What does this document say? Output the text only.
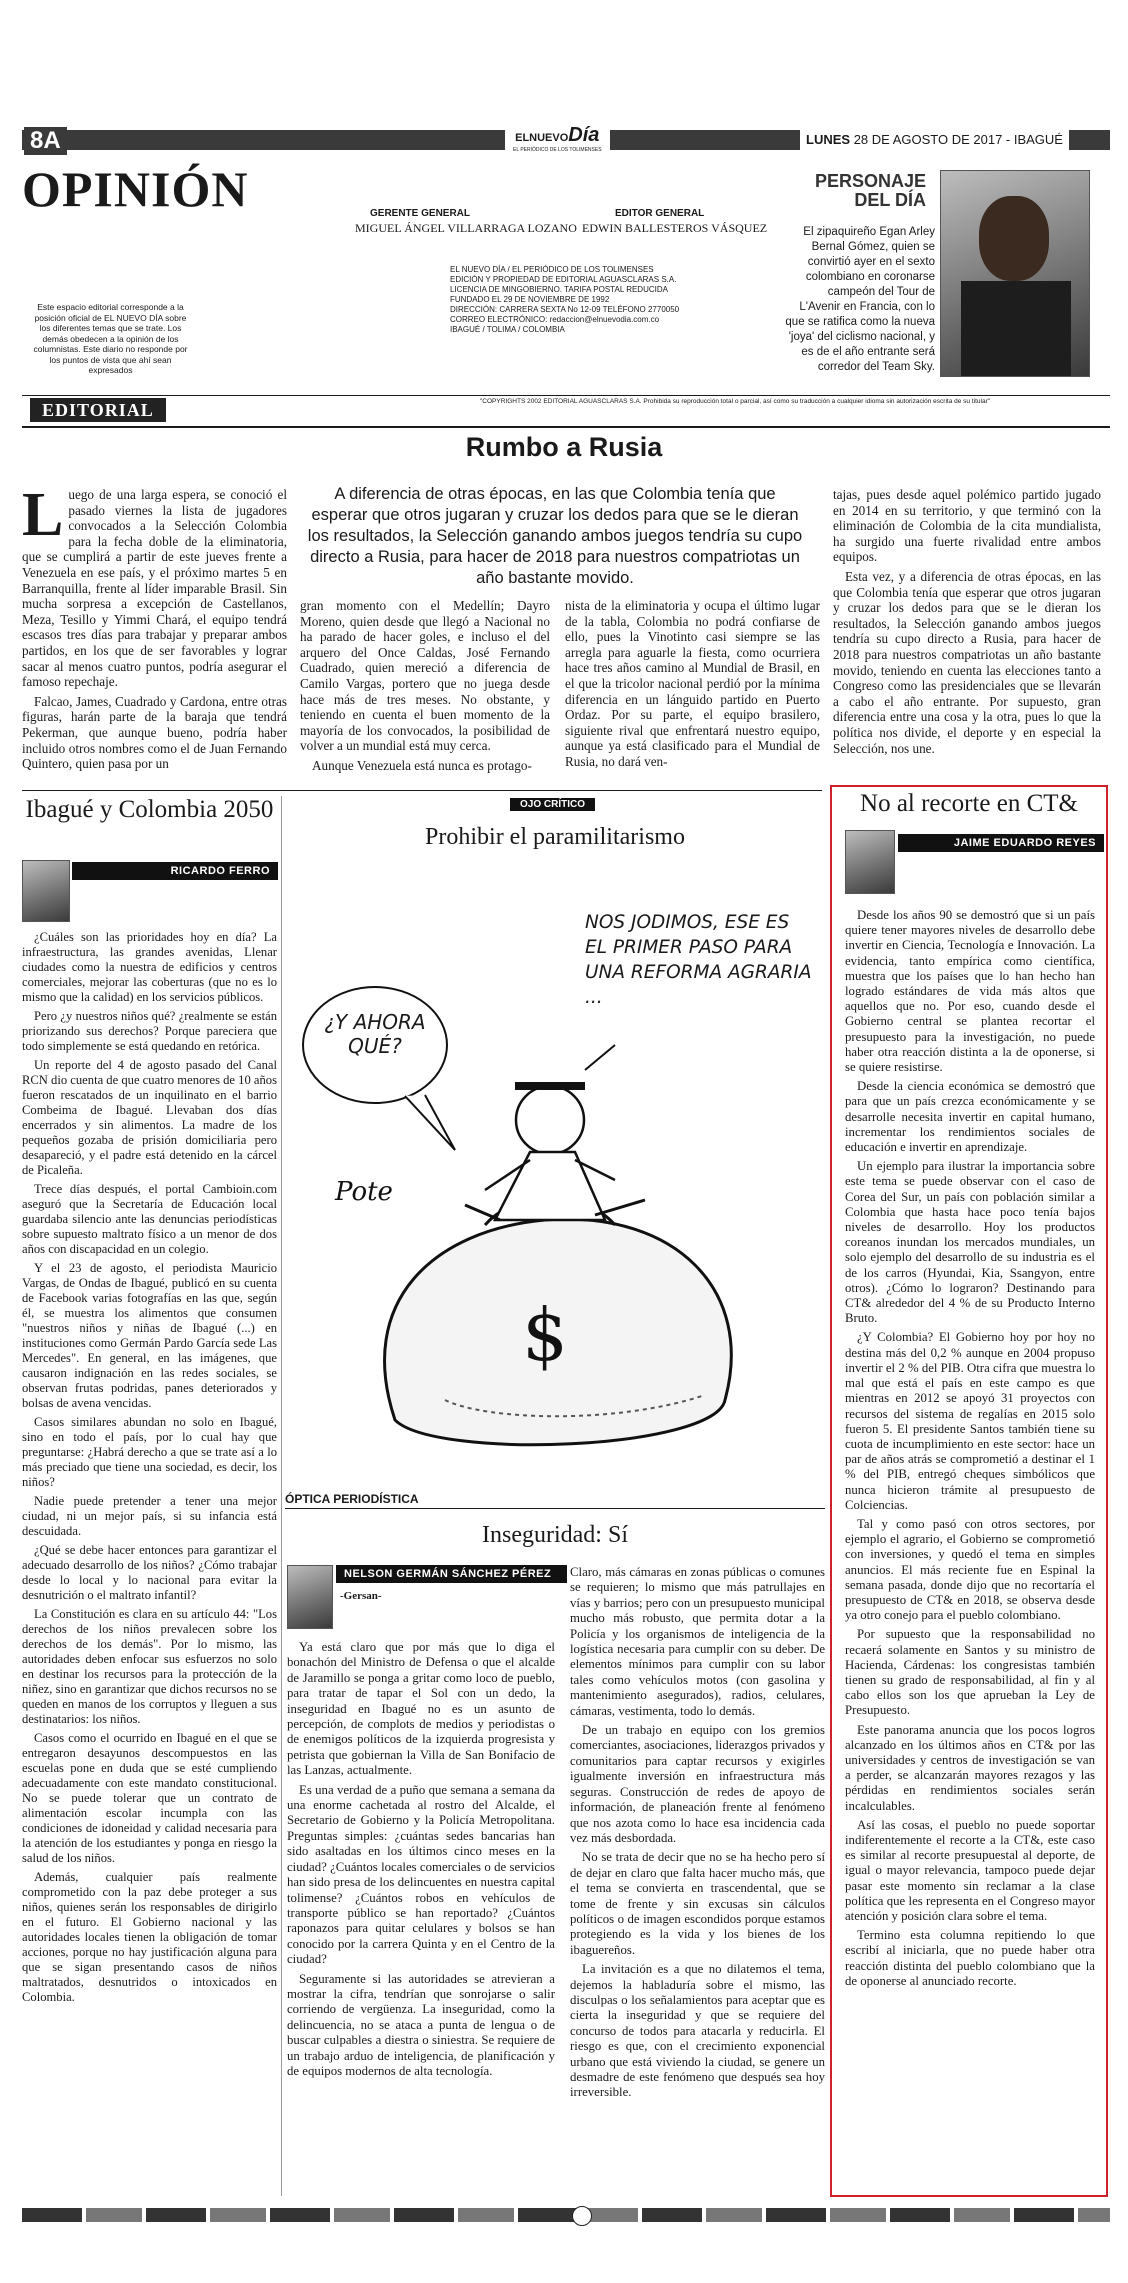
8A	ELNUEVODía
EL PERIÓDICO DE LOS TOLIMENSES
LUNES 28 DE AGOSTO DE 2017 - IBAGUÉ
OPINIÓN	GERENTE GENERAL
MIGUEL ÁNGEL VILLARRAGA LOZANO
EDITOR GENERAL
EDWIN BALLESTEROS VÁSQUEZ
EL NUEVO DÍA / EL PERIÓDICO DE LOS TOLIMENSES
EDICIÓN Y PROPIEDAD DE EDITORIAL AGUASCLARAS S.A.
LICENCIA DE MINGOBIERNO. TARIFA POSTAL REDUCIDA
FUNDADO EL 29 DE NOVIEMBRE DE 1992
DIRECCIÓN: CARRERA SEXTA No 12-09 TELÉFONO 2770050
CORREO ELECTRÓNICO: redaccion@elnuevodia.com.co
IBAGUÉ / TOLIMA / COLOMBIA
Este espacio editorial corresponde a la posición oficial de EL NUEVO DÍA sobre los diferentes temas que se trate. Los demás obedecen a la opinión de los columnistas. Este diario no responde por los puntos de vista que ahí sean expresados
PERSONAJE
DEL DÍA
El zipaquireño Egan Arley Bernal Gómez, quien se convirtió ayer en el sexto colombiano en coronarse campeón del Tour de L'Avenir en Francia, con lo que se ratifica como la nueva 'joya' del ciclismo nacional, y es de el año entrante será corredor del Team Sky.
"COPYRIGHTS 2002 EDITORIAL AGUASCLARAS S.A. Prohibida su reproducción total o parcial, así como su traducción a cualquier idioma sin autorización escrita de su titular"
EDITORIAL
Rumbo a Rusia
A diferencia de otras épocas, en las que Colombia tenía que esperar que otros jugaran y cruzar los dedos para que se le dieran los resultados, la Selección ganando ambos juegos tendría su cupo directo a Rusia, para hacer de 2018 para nuestros compatriotas un año bastante movido.
L uego de una larga espera, se conoció el pasado viernes la lista de jugadores convocados a la Selección Colombia para la fecha doble de la eliminatoria, que se cumplirá a partir de este jueves frente a Venezuela en ese país, y el próximo martes 5 en Barranquilla, frente al líder imparable Brasil. Sin mucha sorpresa a excepción de Castellanos, Meza, Tesillo y Yimmi Chará, el equipo tendrá escasos tres días para trabajar y preparar ambos partidos, en los que de ser favorables y lograr sacar al menos cuatro puntos, podría asegurar el famoso repechaje.

Falcao, James, Cuadrado y Cardona, entre otras figuras, harán parte de la baraja que tendrá Pekerman, que aunque bueno, podría haber incluido otros nombres como el de Juan Fernando Quintero, quien pasa por un

gran momento con el Medellín; Dayro Moreno, quien desde que llegó a Nacional no ha parado de hacer goles, e incluso el del arquero del Once Caldas, José Fernando Cuadrado, quien mereció a diferencia de Camilo Vargas, portero que no juega desde hace más de tres meses. No obstante, y teniendo en cuenta el buen momento de la mayoría de los convocados, la posibilidad de volver a un mundial está muy cerca.

Aunque Venezuela está nunca es protago-

nista de la eliminatoria y ocupa el último lugar de la tabla, Colombia no podrá confiarse de ello, pues la Vinotinto casi siempre se las arregla para aguarle la fiesta, como ocurriera hace tres años camino al Mundial de Brasil, en el que la tricolor nacional perdió por la mínima diferencia en un lánguido partido en Puerto Ordaz. Por su parte, el equipo brasilero, siguiente rival que enfrentará nuestro equipo, aunque ya está clasificado para el Mundial de Rusia, no dará ven-

tajas, pues desde aquel polémico partido jugado en 2014 en su territorio, y que terminó con la eliminación de Colombia de la cita mundialista, ha surgido una fuerte rivalidad entre ambos equipos.

Esta vez, y a diferencia de otras épocas, en las que Colombia tenía que esperar que otros jugaran y cruzar los dedos para que se le dieran los resultados, la Selección ganando ambos juegos tendría su cupo directo a Rusia, para hacer de 2018 para nuestros compatriotas un año bastante movido, teniendo en cuenta las elecciones tanto a Congreso como las presidenciales que se llevarán a cabo el año entrante. Por supuesto, gran diferencia entre una cosa y la otra, pues lo que la política nos divide, el deporte y en especial la Selección, nos une.

Ibagué y Colombia 2050
RICARDO FERRO

¿Cuáles son las prioridades hoy en día? La infraestructura, las grandes avenidas, Llenar ciudades como la nuestra de edificios y centros comerciales, mejorar las coberturas (que no es lo mismo que la calidad) en los servicios públicos.

Pero ¿y nuestros niños qué? ¿realmente se están priorizando sus derechos? Porque pareciera que todo simplemente se está quedando en retórica.

Un reporte del 4 de agosto pasado del Canal RCN dio cuenta de que cuatro menores de 10 años fueron rescatados de un inquilinato en el barrio Combeima de Ibagué. Llevaban dos días encerrados y sin alimentos. La madre de los pequeños gozaba de prisión domiciliaria pero desapareció, y el padre está detenido en la cárcel de Picaleña.

Trece días después, el portal Cambioin.com aseguró que la Secretaría de Educación local guardaba silencio ante las denuncias periodísticas sobre supuesto maltrato físico a un menor de dos años con discapacidad en un colegio.

Y el 23 de agosto, el periodista Mauricio Vargas, de Ondas de Ibagué, publicó en su cuenta de Facebook varias fotografías en las que, según él, se muestra los alimentos que consumen "nuestros niños y niñas de Ibagué (...) en instituciones como Germán Pardo García sede Las Mercedes". En general, en las imágenes, que causaron indignación en las redes sociales, se observan frutas podridas, panes deteriorados y bolsas de avena vencidas.

Casos similares abundan no solo en Ibagué, sino en todo el país, por lo cual hay que preguntarse: ¿Habrá derecho a que se trate así a lo más preciado que tiene una sociedad, es decir, los niños?

Nadie puede pretender a tener una mejor ciudad, ni un mejor país, si su infancia está descuidada.

¿Qué se debe hacer entonces para garantizar el adecuado desarrollo de los niños? ¿Cómo trabajar desde lo local y lo nacional para evitar la desnutrición o el maltrato infantil?

La Constitución es clara en su artículo 44: "Los derechos de los niños prevalecen sobre los derechos de los demás". Por lo mismo, las autoridades deben enfocar sus esfuerzos no solo en destinar los recursos para la protección de la niñez, sino en garantizar que dichos recursos no se queden en manos de los corruptos y lleguen a sus destinatarios: los niños.

Casos como el ocurrido en Ibagué en el que se entregaron desayunos descompuestos en las escuelas pone en duda que se esté cumpliendo adecuadamente con este mandato constitucional. No se puede tolerar que un contrato de alimentación escolar incumpla con las condiciones de idoneidad y calidad necesaria para la atención de los estudiantes y ponga en riesgo la salud de los niños.

Además, cualquier país realmente comprometido con la paz debe proteger a sus niños, quienes serán los responsables de dirigirlo en el futuro. El Gobierno nacional y las autoridades locales tienen la obligación de tomar acciones, porque no hay justificación alguna para que se sigan presentando casos de niños maltratados, desnutridos o intoxicados en Colombia.

OJO CRÍTICO
Prohibir el paramilitarismo
¿Y AHORA QUÉ?
NOS JODIMOS, ESE ES EL PRIMER PASO PARA UNA REFORMA AGRARIA ...
$
Pote
ÓPTICA PERIODÍSTICA
Inseguridad: Sí
NELSON GERMÁN SÁNCHEZ PÉREZ
-Gersan-

Ya está claro que por más que lo diga el bonachón del Ministro de Defensa o que el alcalde de Jaramillo se ponga a gritar como loco de pueblo, para tratar de tapar el Sol con un dedo, la inseguridad en Ibagué no es un asunto de percepción, de complots de medios y periodistas o de enemigos políticos de la izquierda progresista y petrista que gobiernan la Villa de San Bonifacio de las Lanzas, actualmente.

Es una verdad de a puño que semana a semana da una enorme cachetada al rostro del Alcalde, el Secretario de Gobierno y la Policía Metropolitana. Preguntas simples: ¿cuántas sedes bancarias han sido asaltadas en los últimos cinco meses en la ciudad? ¿Cuántos locales comerciales o de servicios han sido presa de los delincuentes en nuestra capital tolimense? ¿Cuántos robos en vehículos de transporte público se han reportado? ¿Cuántos raponazos para quitar celulares y bolsos se han conocido por la carrera Quinta y en el Centro de la ciudad?

Seguramente si las autoridades se atrevieran a mostrar la cifra, tendrían que sonrojarse o salir corriendo de vergüenza. La inseguridad, como la delincuencia, no se ataca a punta de lengua o de buscar culpables a diestra o siniestra. Se requiere de un trabajo arduo de inteligencia, de planificación y de equipos modernos de alta tecnología.

Claro, más cámaras en zonas públicas o comunes se requieren; lo mismo que más patrullajes en vías y barrios; pero con un presupuesto municipal mucho más robusto, que permita dotar a la Policía y los organismos de inteligencia de la logística necesaria para cumplir con su deber. De elementos mínimos para cumplir con su labor tales como vehículos motos (con gasolina y mantenimiento asegurados), radios, celulares, cámaras, vestimenta, todo lo demás.

De un trabajo en equipo con los gremios comerciantes, asociaciones, liderazgos privados y comunitarios para captar recursos y exigirles igualmente inversión en infraestructura más seguras. Construcción de redes de apoyo de información, de planeación frente al fenómeno que nos azota como lo hace esa incidencia cada vez más desbordada.

No se trata de decir que no se ha hecho pero sí de dejar en claro que falta hacer mucho más, que el tema se convierta en trascendental, que se tome de frente y sin excusas sin cálculos políticos o de imagen escondidos porque estamos protegiendo es la vida y los bienes de los ibaguereños.

La invitación es a que no dilatemos el tema, dejemos la habladuría sobre el mismo, las disculpas o los señalamientos para aceptar que es cierta la inseguridad y que se requiere del concurso de todos para atacarla y reducirla. El riesgo es que, con el crecimiento exponencial urbano que está viviendo la ciudad, se genere un desmadre de este fenómeno que después sea hoy irreversible.

No al recorte en CT&
JAIME EDUARDO REYES

Desde los años 90 se demostró que si un país quiere tener mayores niveles de desarrollo debe invertir en Ciencia, Tecnología e Innovación. La evidencia, tanto empírica como científica, muestra que los países que lo han hecho han logrado estándares de vida más altos que aquellos que no. Por eso, cuando desde el Gobierno central se plantea recortar el presupuesto para la investigación, no puede haber otra reacción distinta a la de oponerse, si se quiere resistirse.

Desde la ciencia económica se demostró que para que un país crezca económicamente y se desarrolle necesita invertir en capital humano, incrementar los rendimientos sociales de educación e invertir en aprendizaje.

Un ejemplo para ilustrar la importancia sobre este tema se puede observar con el caso de Corea del Sur, un país con población similar a Colombia que hasta hace poco tenía bajos niveles de desarrollo. Hoy los productos coreanos inundan los mercados mundiales, un solo ejemplo del desarrollo de su industria es el de los carros (Hyundai, Kia, Ssangyon, entre otros). ¿Cómo lo lograron? Destinando para CT& alrededor del 4 % de su Producto Interno Bruto.

¿Y Colombia? El Gobierno hoy por hoy no destina más del 0,2 % aunque en 2004 propuso invertir el 2 % del PIB. Otra cifra que muestra lo mal que está el país en este campo es que mientras en 2012 se apoyó 31 proyectos con recursos del sistema de regalías en 2015 solo fueron 5. El presidente Santos también tiene su cuota de incumplimiento en este sector: hace un par de años atrás se comprometió a destinar el 1 % del PIB, entregó cheques simbólicos que nunca hicieron trámite al presupuesto de Colciencias.

Tal y como pasó con otros sectores, por ejemplo el agrario, el Gobierno se comprometió con inversiones, y quedó el tema en simples anuncios. El más reciente fue en Espinal la semana pasada, donde dijo que no recortaría el presupuesto de CT& en 2018, se observa desde ya otro conejo para el pueblo colombiano.

Por supuesto que la responsabilidad no recaerá solamente en Santos y su ministro de Hacienda, Cárdenas: los congresistas también tienen su grado de responsabilidad, al fin y al cabo ellos son los que aprueban la Ley de Presupuesto.

Este panorama anuncia que los pocos logros alcanzado en los últimos años en CT& por las universidades y centros de investigación se van a perder, se alcanzarán mayores rezagos y las pérdidas en rendimientos sociales serán incalculables.

Así las cosas, el pueblo no puede soportar indiferentemente el recorte a la CT&, este caso es similar al recorte presupuestal al deporte, de igual o mayor relevancia, tampoco puede dejar pasar este momento sin reclamar a la clase política que les representa en el Congreso mayor atención y posición clara sobre el tema.

Termino esta columna repitiendo lo que escribí al iniciarla, que no puede haber otra reacción distinta del pueblo colombiano que la de oponerse al anunciado recorte.
